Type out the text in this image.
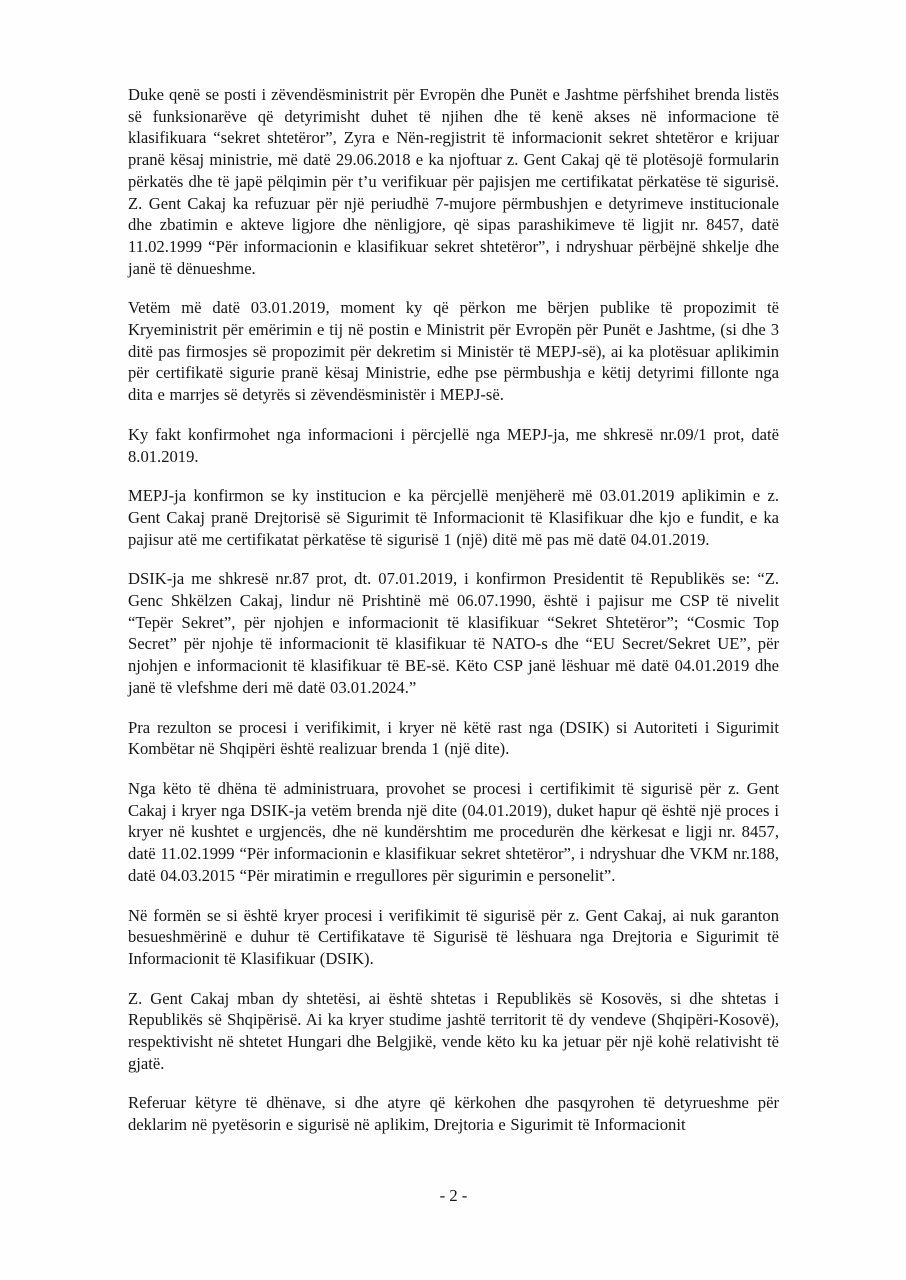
Duke qenë se posti i zëvendësministrit për Evropën dhe Punët e Jashtme përfshihet brenda listës së funksionarëve që detyrimisht duhet të njihen dhe të kenë akses në informacione të klasifikuara “sekret shtetëror”, Zyra e Nën-regjistrit të informacionit sekret shtetëror e krijuar pranë kësaj ministrie, më datë 29.06.2018 e ka njoftuar z. Gent Cakaj që të plotësojë formularin përkatës dhe të japë pëlqimin për t’u verifikuar për pajisjen me certifikatat përkatëse të sigurisë. Z. Gent Cakaj ka refuzuar për një periudhë 7-mujore përmbushjen e detyrimeve institucionale dhe zbatimin e akteve ligjore dhe nënligjore, që sipas parashikimeve të ligjit nr. 8457, datë 11.02.1999 “Për informacionin e klasifikuar sekret shtetëror”, i ndryshuar përbëjnë shkelje dhe janë të dënueshme.

Vetëm më datë 03.01.2019, moment ky që përkon me bërjen publike të propozimit të Kryeministrit për emërimin e tij në postin e Ministrit për Evropën për Punët e Jashtme, (si dhe 3 ditë pas firmosjes së propozimit për dekretim si Ministër të MEPJ-së), ai ka plotësuar aplikimin për certifikatë sigurie pranë kësaj Ministrie, edhe pse përmbushja e këtij detyrimi fillonte nga dita e marrjes së detyrës si zëvendësministër i MEPJ-së.

Ky fakt konfirmohet nga informacioni i përcjellë nga MEPJ-ja, me shkresë nr.09/1 prot, datë 8.01.2019.

MEPJ-ja konfirmon se ky institucion e ka përcjellë menjëherë më 03.01.2019 aplikimin e z. Gent Cakaj pranë Drejtorisë së Sigurimit të Informacionit të Klasifikuar dhe kjo e fundit, e ka pajisur atë me certifikatat përkatëse të sigurisë 1 (një) ditë më pas më datë 04.01.2019.

DSIK-ja me shkresë nr.87 prot, dt. 07.01.2019, i konfirmon Presidentit të Republikës se: “Z. Genc Shkëlzen Cakaj, lindur në Prishtinë më 06.07.1990, është i pajisur me CSP të nivelit “Tepër Sekret”, për njohjen e informacionit të klasifikuar “Sekret Shtetëror”; “Cosmic Top Secret” për njohje të informacionit të klasifikuar të NATO-s dhe “EU Secret/Sekret UE”, për njohjen e informacionit të klasifikuar të BE-së. Këto CSP janë lëshuar më datë 04.01.2019 dhe janë të vlefshme deri më datë 03.01.2024.”

Pra rezulton se procesi i verifikimit, i kryer në këtë rast nga (DSIK) si Autoriteti i Sigurimit Kombëtar në Shqipëri është realizuar brenda 1 (një dite).

Nga këto të dhëna të administruara, provohet se procesi i certifikimit të sigurisë për z. Gent Cakaj i kryer nga DSIK-ja vetëm brenda një dite (04.01.2019), duket hapur që është një proces i kryer në kushtet e urgjencës, dhe në kundërshtim me procedurën dhe kërkesat e ligji nr. 8457, datë 11.02.1999 “Për informacionin e klasifikuar sekret shtetëror”, i ndryshuar dhe VKM nr.188, datë 04.03.2015 “Për miratimin e rregullores për sigurimin e personelit”.

Në formën se si është kryer procesi i verifikimit të sigurisë për z. Gent Cakaj, ai nuk garanton besueshmërinë e duhur të Certifikatave të Sigurisë të lëshuara nga Drejtoria e Sigurimit të Informacionit të Klasifikuar (DSIK).

Z. Gent Cakaj mban dy shtetësi, ai është shtetas i Republikës së Kosovës, si dhe shtetas i Republikës së Shqipërisë. Ai ka kryer studime jashtë territorit të dy vendeve (Shqipëri-Kosovë), respektivisht në shtetet Hungari dhe Belgjikë, vende këto ku ka jetuar për një kohë relativisht të gjatë.

Referuar këtyre të dhënave, si dhe atyre që kërkohen dhe pasqyrohen të detyrueshme për deklarim në pyetësorin e sigurisë në aplikim, Drejtoria e Sigurimit të Informacionit

- 2 -
